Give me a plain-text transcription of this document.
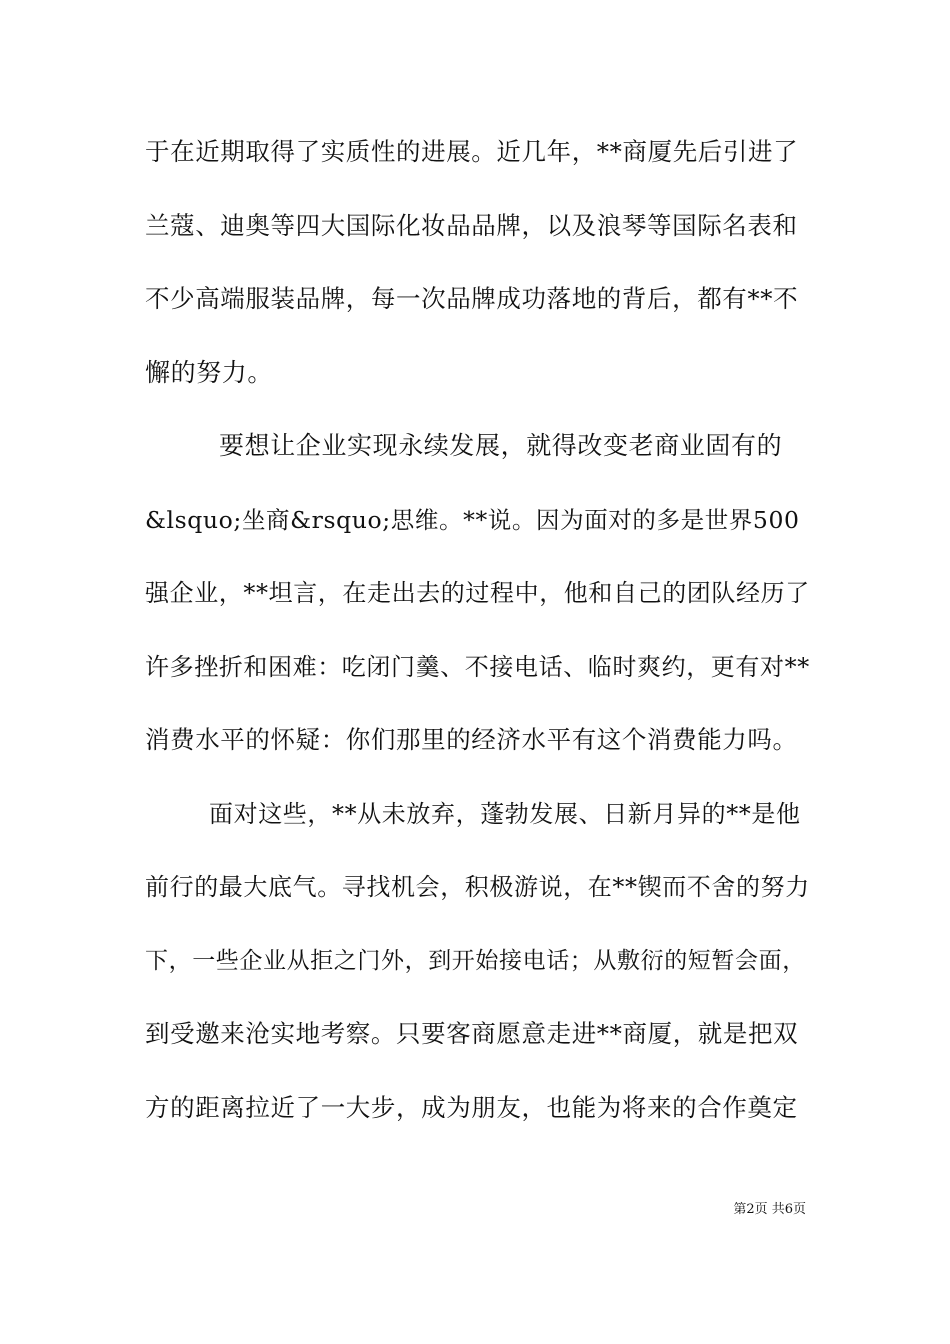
于在近期取得了实质性的进展。近几年，**商厦先后引进了
兰蔻、迪奥等四大国际化妆品品牌，以及浪琴等国际名表和
不少高端服装品牌，每一次品牌成功落地的背后，都有**不
懈的努力。
要想让企业实现永续发展，就得改变老商业固有的
&lsquo;坐商&rsquo;思维。**说。因为面对的多是世界500
强企业，**坦言，在走出去的过程中，他和自己的团队经历了
许多挫折和困难：吃闭门羹、不接电话、临时爽约，更有对**
消费水平的怀疑：你们那里的经济水平有这个消费能力吗。
面对这些，**从未放弃，蓬勃发展、日新月异的**是他
前行的最大底气。寻找机会，积极游说，在**锲而不舍的努力
下，一些企业从拒之门外，到开始接电话；从敷衍的短暂会面，
到受邀来沧实地考察。只要客商愿意走进**商厦，就是把双
方的距离拉近了一大步，成为朋友，也能为将来的合作奠定
第2页 共6页
